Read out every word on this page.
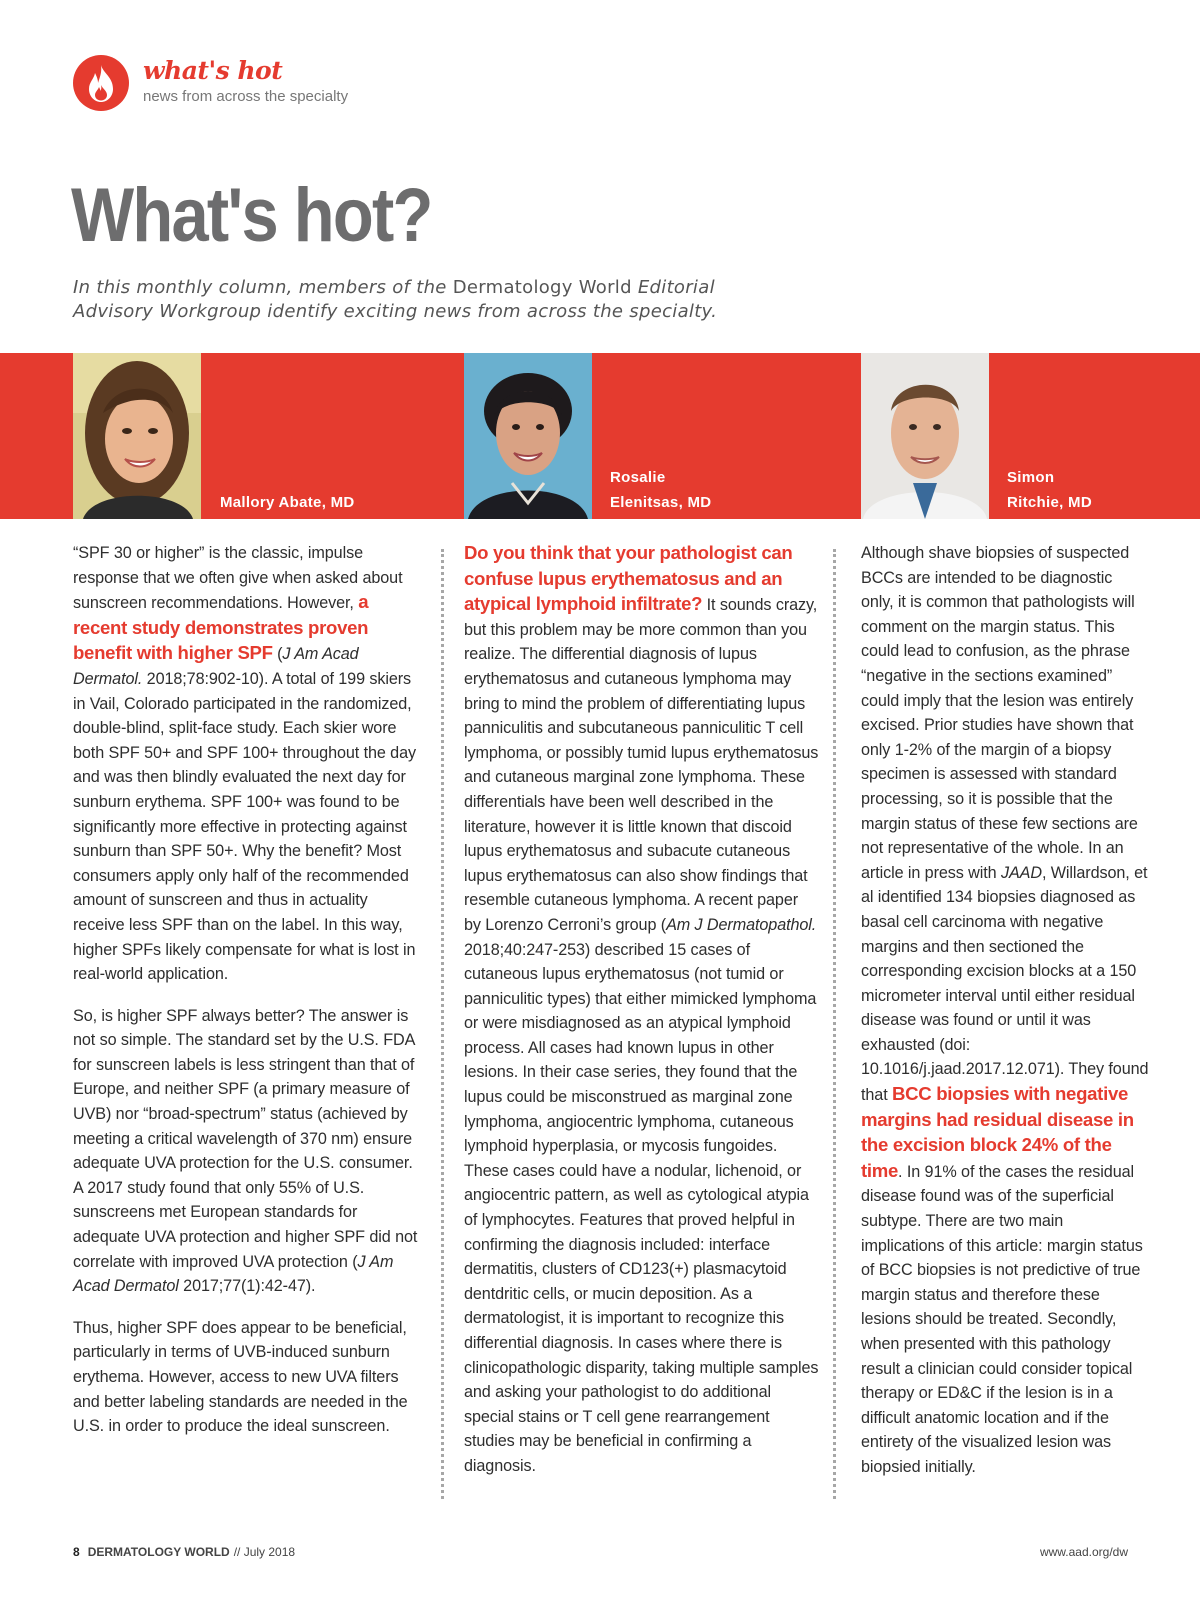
what's hot
news from across the specialty
What's hot?
In this monthly column, members of the Dermatology World Editorial Advisory Workgroup identify exciting news from across the specialty.
Mallory Abate, MD
Rosalie
Elenitsas, MD
Simon
Ritchie, MD

“SPF 30 or higher” is the classic, impulse response that we often give when asked about sunscreen recommendations. However, a recent study demonstrates proven benefit with higher SPF (J Am Acad Dermatol. 2018;78:902-10). A total of 199 skiers in Vail, Colorado participated in the randomized, double-blind, split-face study. Each skier wore both SPF 50+ and SPF 100+ throughout the day and was then blindly evaluated the next day for sunburn erythema. SPF 100+ was found to be significantly more effective in protecting against sunburn than SPF 50+. Why the benefit? Most consumers apply only half of the recommended amount of sunscreen and thus in actuality receive less SPF than on the label. In this way, higher SPFs likely compensate for what is lost in real-world application.

So, is higher SPF always better? The answer is not so simple. The standard set by the U.S. FDA for sunscreen labels is less stringent than that of Europe, and neither SPF (a primary measure of UVB) nor “broad-spectrum” status (achieved by meeting a critical wavelength of 370 nm) ensure adequate UVA protection for the U.S. consumer. A 2017 study found that only 55% of U.S. sunscreens met European standards for adequate UVA protection and higher SPF did not correlate with improved UVA protection (J Am Acad Dermatol 2017;77(1):42-47).

Thus, higher SPF does appear to be beneficial, particularly in terms of UVB-induced sunburn erythema. However, access to new UVA filters and better labeling standards are needed in the U.S. in order to produce the ideal sunscreen.

Do you think that your pathologist can confuse lupus erythematosus and an atypical lymphoid infiltrate? It sounds crazy, but this problem may be more common than you realize. The differential diagnosis of lupus erythematosus and cutaneous lymphoma may bring to mind the problem of differentiating lupus panniculitis and subcutaneous panniculitic T cell lymphoma, or possibly tumid lupus erythematosus and cutaneous marginal zone lymphoma. These differentials have been well described in the literature, however it is little known that discoid lupus erythematosus and subacute cutaneous lupus erythematosus can also show findings that resemble cutaneous lymphoma. A recent paper by Lorenzo Cerroni’s group (Am J Dermatopathol. 2018;40:247-253) described 15 cases of cutaneous lupus erythematosus (not tumid or panniculitic types) that either mimicked lymphoma or were misdiagnosed as an atypical lymphoid process. All cases had known lupus in other lesions. In their case series, they found that the lupus could be misconstrued as marginal zone lymphoma, angiocentric lymphoma, cutaneous lymphoid hyperplasia, or mycosis fungoides. These cases could have a nodular, lichenoid, or angiocentric pattern, as well as cytological atypia of lymphocytes. Features that proved helpful in confirming the diagnosis included: interface dermatitis, clusters of CD123(+) plasmacytoid dentdritic cells, or mucin deposition. As a dermatologist, it is important to recognize this differential diagnosis. In cases where there is clinicopathologic disparity, taking multiple samples and asking your pathologist to do additional special stains or T cell gene rearrangement studies may be beneficial in confirming a diagnosis.

Although shave biopsies of suspected BCCs are intended to be diagnostic only, it is common that pathologists will comment on the margin status. This could lead to confusion, as the phrase “negative in the sections examined” could imply that the lesion was entirely excised. Prior studies have shown that only 1-2% of the margin of a biopsy specimen is assessed with standard processing, so it is possible that the margin status of these few sections are not representative of the whole. In an article in press with JAAD, Willardson, et al identified 134 biopsies diagnosed as basal cell carcinoma with negative margins and then sectioned the corresponding excision blocks at a 150 micrometer interval until either residual disease was found or until it was exhausted (doi: 10.1016/j.jaad.2017.12.071). They found that BCC biopsies with negative margins had residual disease in the excision block 24% of the time. In 91% of the cases the residual disease found was of the superficial subtype. There are two main implications of this article: margin status of BCC biopsies is not predictive of true margin status and therefore these lesions should be treated. Secondly, when presented with this pathology result a clinician could consider topical therapy or ED&C if the lesion is in a difficult anatomic location and if the entirety of the visualized lesion was biopsied initially.

8 DERMATOLOGY WORLD // July 2018	www.aad.org/dw
